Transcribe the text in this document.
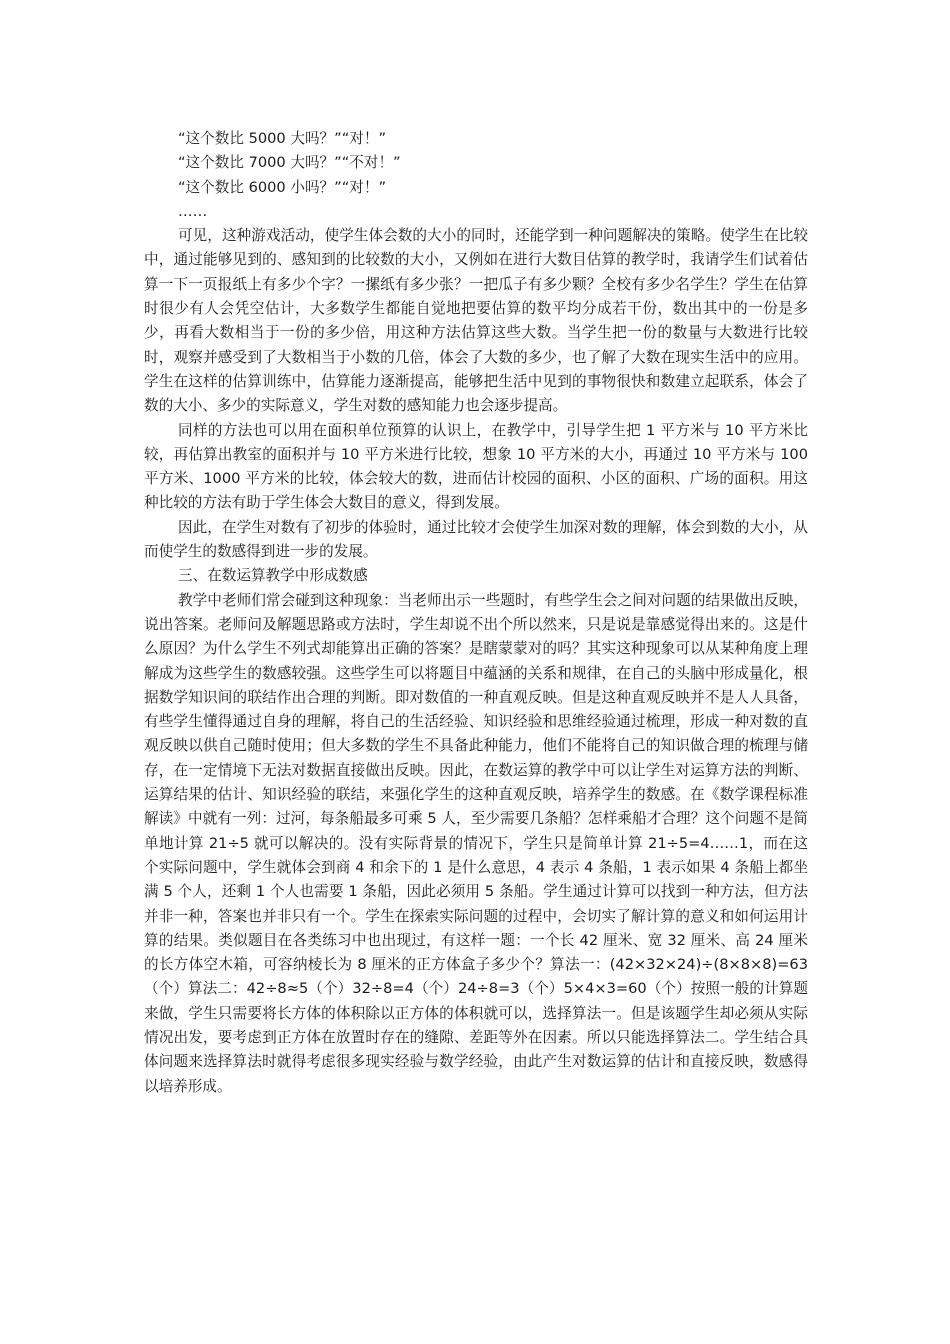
“这个数比 5000 大吗？”“对！”

“这个数比 7000 大吗？”“不对！”

“这个数比 6000 小吗？”“对！”

……

可见，这种游戏活动，使学生体会数的大小的同时，还能学到一种问题解决的策略。使学生在比较中，通过能够见到的、感知到的比较数的大小，又例如在进行大数目估算的教学时，我请学生们试着估算一下一页报纸上有多少个字？一摞纸有多少张？一把瓜子有多少颗？全校有多少名学生？学生在估算时很少有人会凭空估计，大多数学生都能自觉地把要估算的数平均分成若干份，数出其中的一份是多少，再看大数相当于一份的多少倍，用这种方法估算这些大数。当学生把一份的数量与大数进行比较时，观察并感受到了大数相当于小数的几倍，体会了大数的多少，也了解了大数在现实生活中的应用。学生在这样的估算训练中，估算能力逐渐提高，能够把生活中见到的事物很快和数建立起联系，体会了数的大小、多少的实际意义，学生对数的感知能力也会逐步提高。

同样的方法也可以用在面积单位预算的认识上，在教学中，引导学生把 1 平方米与 10 平方米比较，再估算出教室的面积并与 10 平方米进行比较，想象 10 平方米的大小，再通过 10 平方米与 100 平方米、1000 平方米的比较，体会较大的数，进而估计校园的面积、小区的面积、广场的面积。用这种比较的方法有助于学生体会大数目的意义，得到发展。

因此，在学生对数有了初步的体验时，通过比较才会使学生加深对数的理解，体会到数的大小，从而使学生的数感得到进一步的发展。

三、在数运算教学中形成数感

教学中老师们常会碰到这种现象：当老师出示一些题时，有些学生会之间对问题的结果做出反映，说出答案。老师问及解题思路或方法时，学生却说不出个所以然来，只是说是靠感觉得出来的。这是什么原因？为什么学生不列式却能算出正确的答案？是瞎蒙蒙对的吗？其实这种现象可以从某种角度上理解成为这些学生的数感较强。这些学生可以将题目中蕴涵的关系和规律，在自己的头脑中形成量化，根据数学知识间的联结作出合理的判断。即对数值的一种直观反映。但是这种直观反映并不是人人具备，有些学生懂得通过自身的理解，将自己的生活经验、知识经验和思维经验通过梳理，形成一种对数的直观反映以供自己随时使用；但大多数的学生不具备此种能力，他们不能将自己的知识做合理的梳理与储存，在一定情境下无法对数据直接做出反映。因此，在数运算的教学中可以让学生对运算方法的判断、运算结果的估计、知识经验的联结，来强化学生的这种直观反映，培养学生的数感。在《数学课程标准解读》中就有一列：过河，每条船最多可乘 5 人，至少需要几条船？怎样乘船才合理？这个问题不是简单地计算 21÷5 就可以解决的。没有实际背景的情况下，学生只是简单计算 21÷5=4……1，而在这个实际问题中，学生就体会到商 4 和余下的 1 是什么意思，4 表示 4 条船，1 表示如果 4 条船上都坐满 5 个人，还剩 1 个人也需要 1 条船，因此必须用 5 条船。学生通过计算可以找到一种方法，但方法并非一种，答案也并非只有一个。学生在探索实际问题的过程中，会切实了解计算的意义和如何运用计算的结果。类似题目在各类练习中也出现过，有这样一题：一个长 42 厘米、宽 32 厘米、高 24 厘米的长方体空木箱，可容纳棱长为 8 厘米的正方体盒子多少个？算法一：(42×32×24)÷(8×8×8)=63（个）算法二：42÷8≈5（个）32÷8=4（个）24÷8=3（个）5×4×3=60（个）按照一般的计算题来做，学生只需要将长方体的体积除以正方体的体积就可以，选择算法一。但是该题学生却必须从实际情况出发，要考虑到正方体在放置时存在的缝隙、差距等外在因素。所以只能选择算法二。学生结合具体问题来选择算法时就得考虑很多现实经验与数学经验，由此产生对数运算的估计和直接反映，数感得以培养形成。
